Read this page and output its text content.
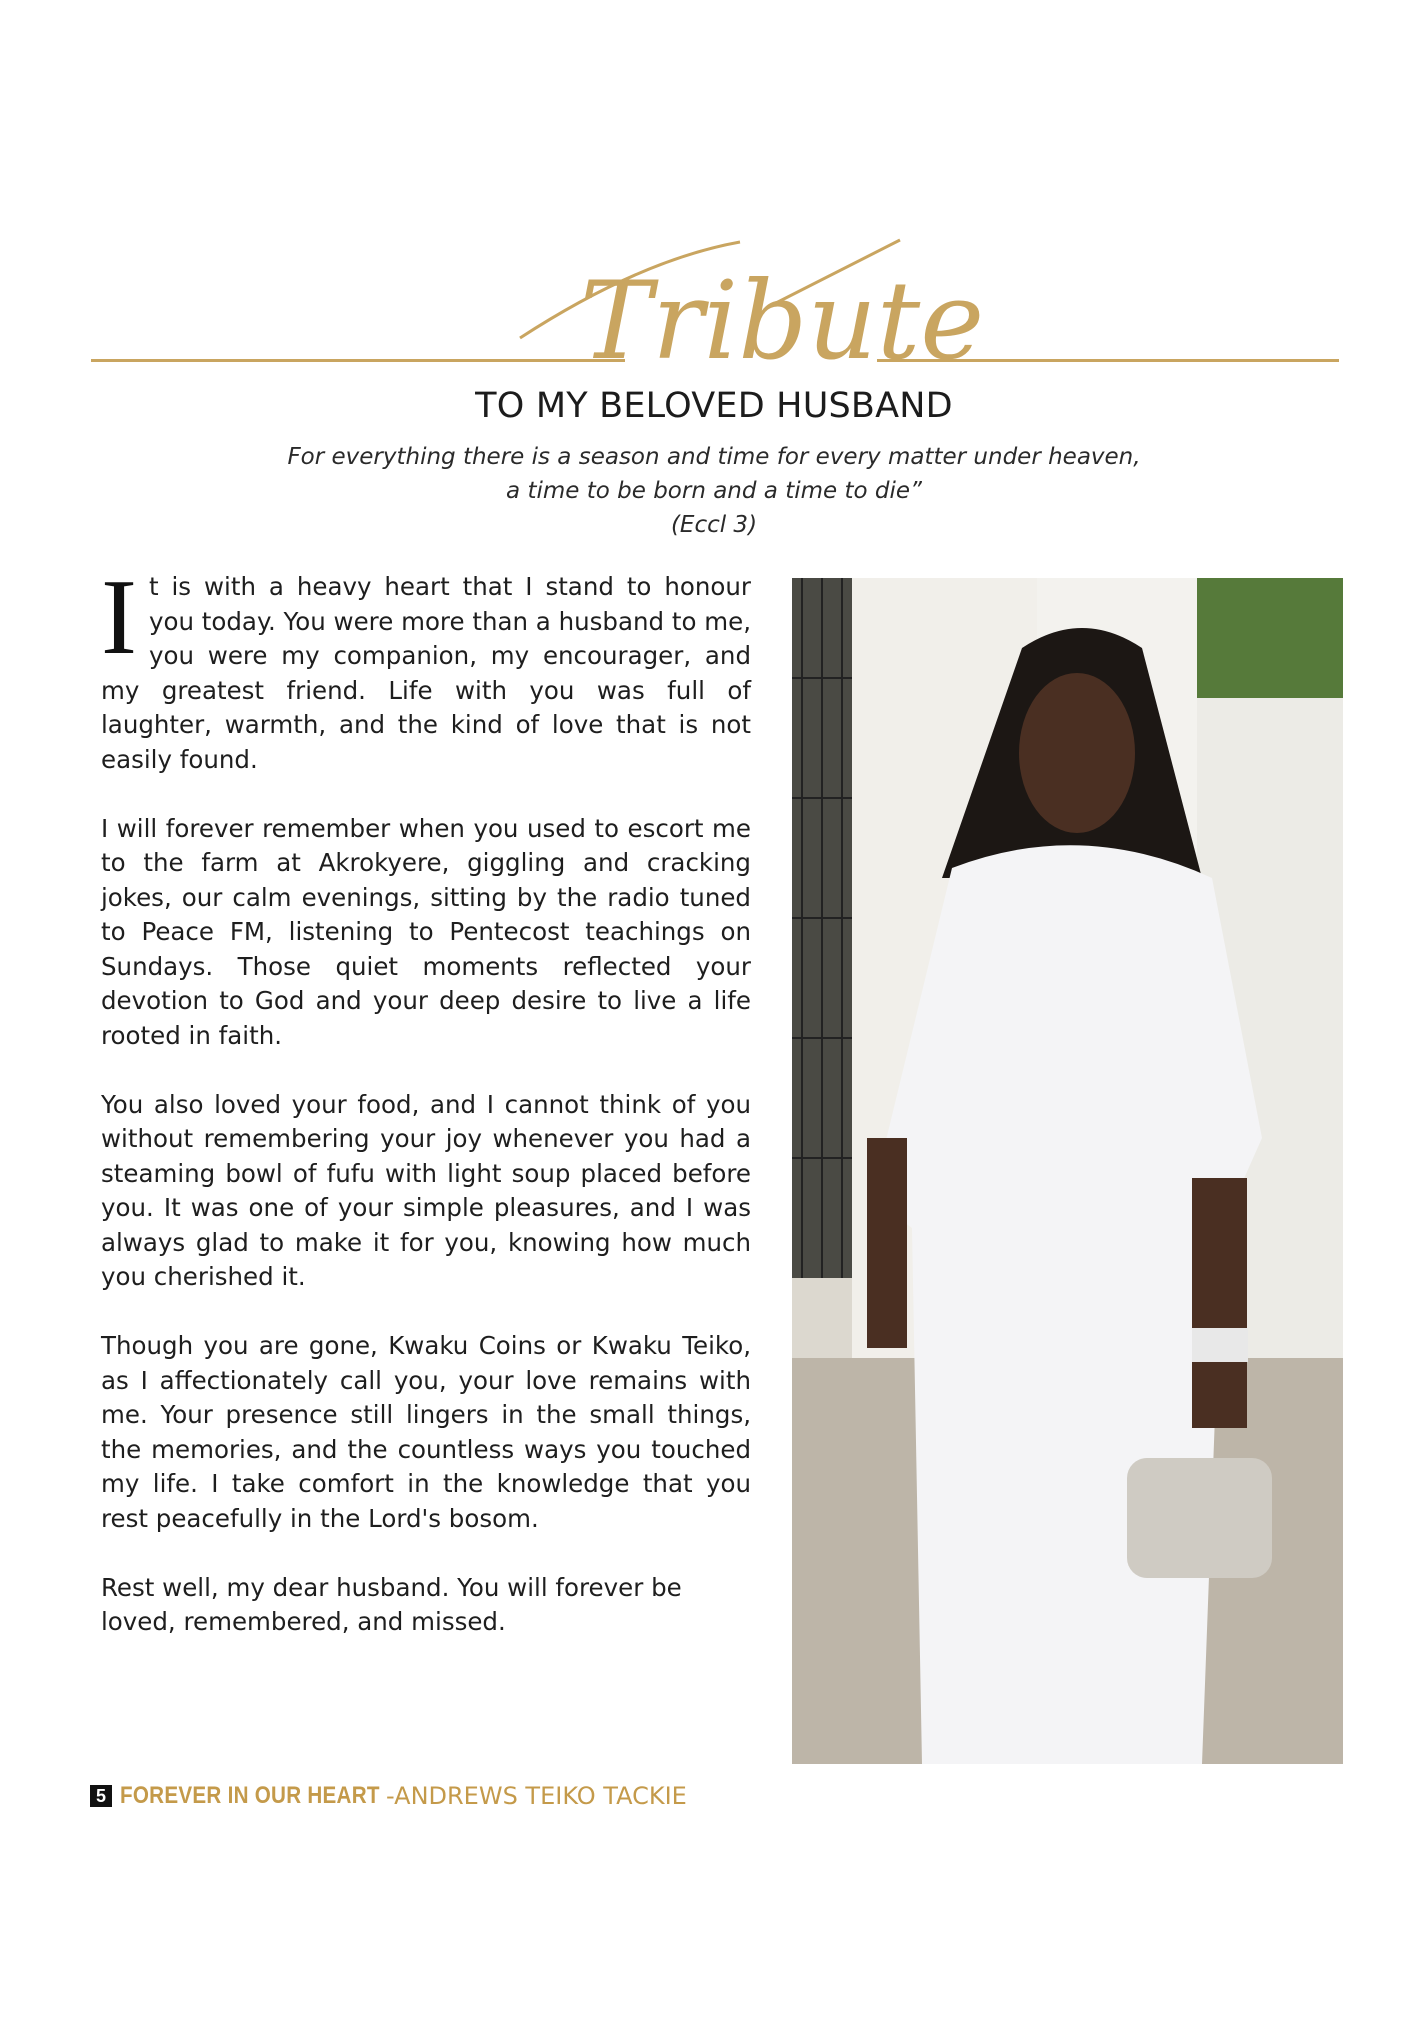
Tribute
TO MY BELOVED HUSBAND
For everything there is a season and time for every matter under heaven,
a time to be born and a time to die”
(Eccl 3)

It is with a heavy heart that I stand to honour you today. You were more than a husband to me, you were my companion, my encourager, and my greatest friend. Life with you was full of laughter, warmth, and the kind of love that is not easily found.

I will forever remember when you used to escort me to the farm at Akrokyere, giggling and cracking jokes, our calm evenings, sitting by the radio tuned to Peace FM, listening to Pentecost teachings on Sundays. Those quiet moments reflected your devotion to God and your deep desire to live a life rooted in faith.

You also loved your food, and I cannot think of you without remembering your joy whenever you had a steaming bowl of fufu with light soup placed before you. It was one of your simple pleasures, and I was always glad to make it for you, knowing how much you cherished it.

Though you are gone, Kwaku Coins or Kwaku Teiko, as I affectionately call you, your love remains with me. Your presence still lingers in the small things, the memories, and the countless ways you touched my life. I take comfort in the knowledge that you rest peacefully in the Lord's bosom.

Rest well, my dear husband. You will forever be loved, remembered, and missed.

5 FOREVER IN OUR HEART -ANDREWS TEIKO TACKIE
